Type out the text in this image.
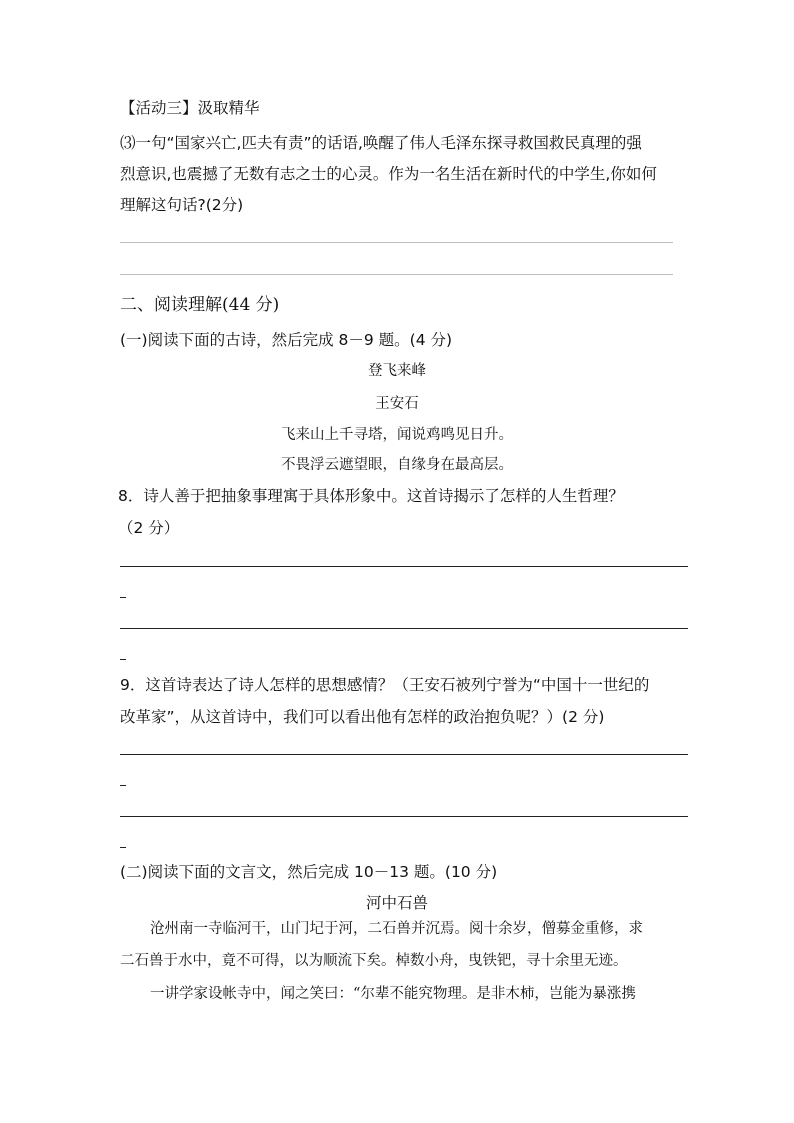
【活动三】汲取精华
⑶一句“国家兴亡,匹夫有责”的话语,唤醒了伟人毛泽东探寻救国救民真理的强
烈意识,也震撼了无数有志之士的心灵。作为一名生活在新时代的中学生,你如何
理解这句话?(2分)
二、阅读理解(44 分)
(一)阅读下面的古诗，然后完成 8－9 题。(4 分)
登飞来峰
王安石
飞来山上千寻塔，闻说鸡鸣见日升。
不畏浮云遮望眼，自缘身在最高层。
8．诗人善于把抽象事理寓于具体形象中。这首诗揭示了怎样的人生哲理？
（2 分）
9．这首诗表达了诗人怎样的思想感情？（王安石被列宁誉为“中国十一世纪的
改革家”，从这首诗中，我们可以看出他有怎样的政治抱负呢？）(2 分)
(二)阅读下面的文言文，然后完成 10－13 题。(10 分)
河中石兽
沧州南一寺临河干，山门圮于河，二石兽并沉焉。阅十余岁，僧募金重修，求
二石兽于水中，竟不可得，以为顺流下矣。棹数小舟，曳铁钯，寻十余里无迹。
一讲学家设帐寺中，闻之笑曰：“尔辈不能究物理。是非木柿，岂能为暴涨携
